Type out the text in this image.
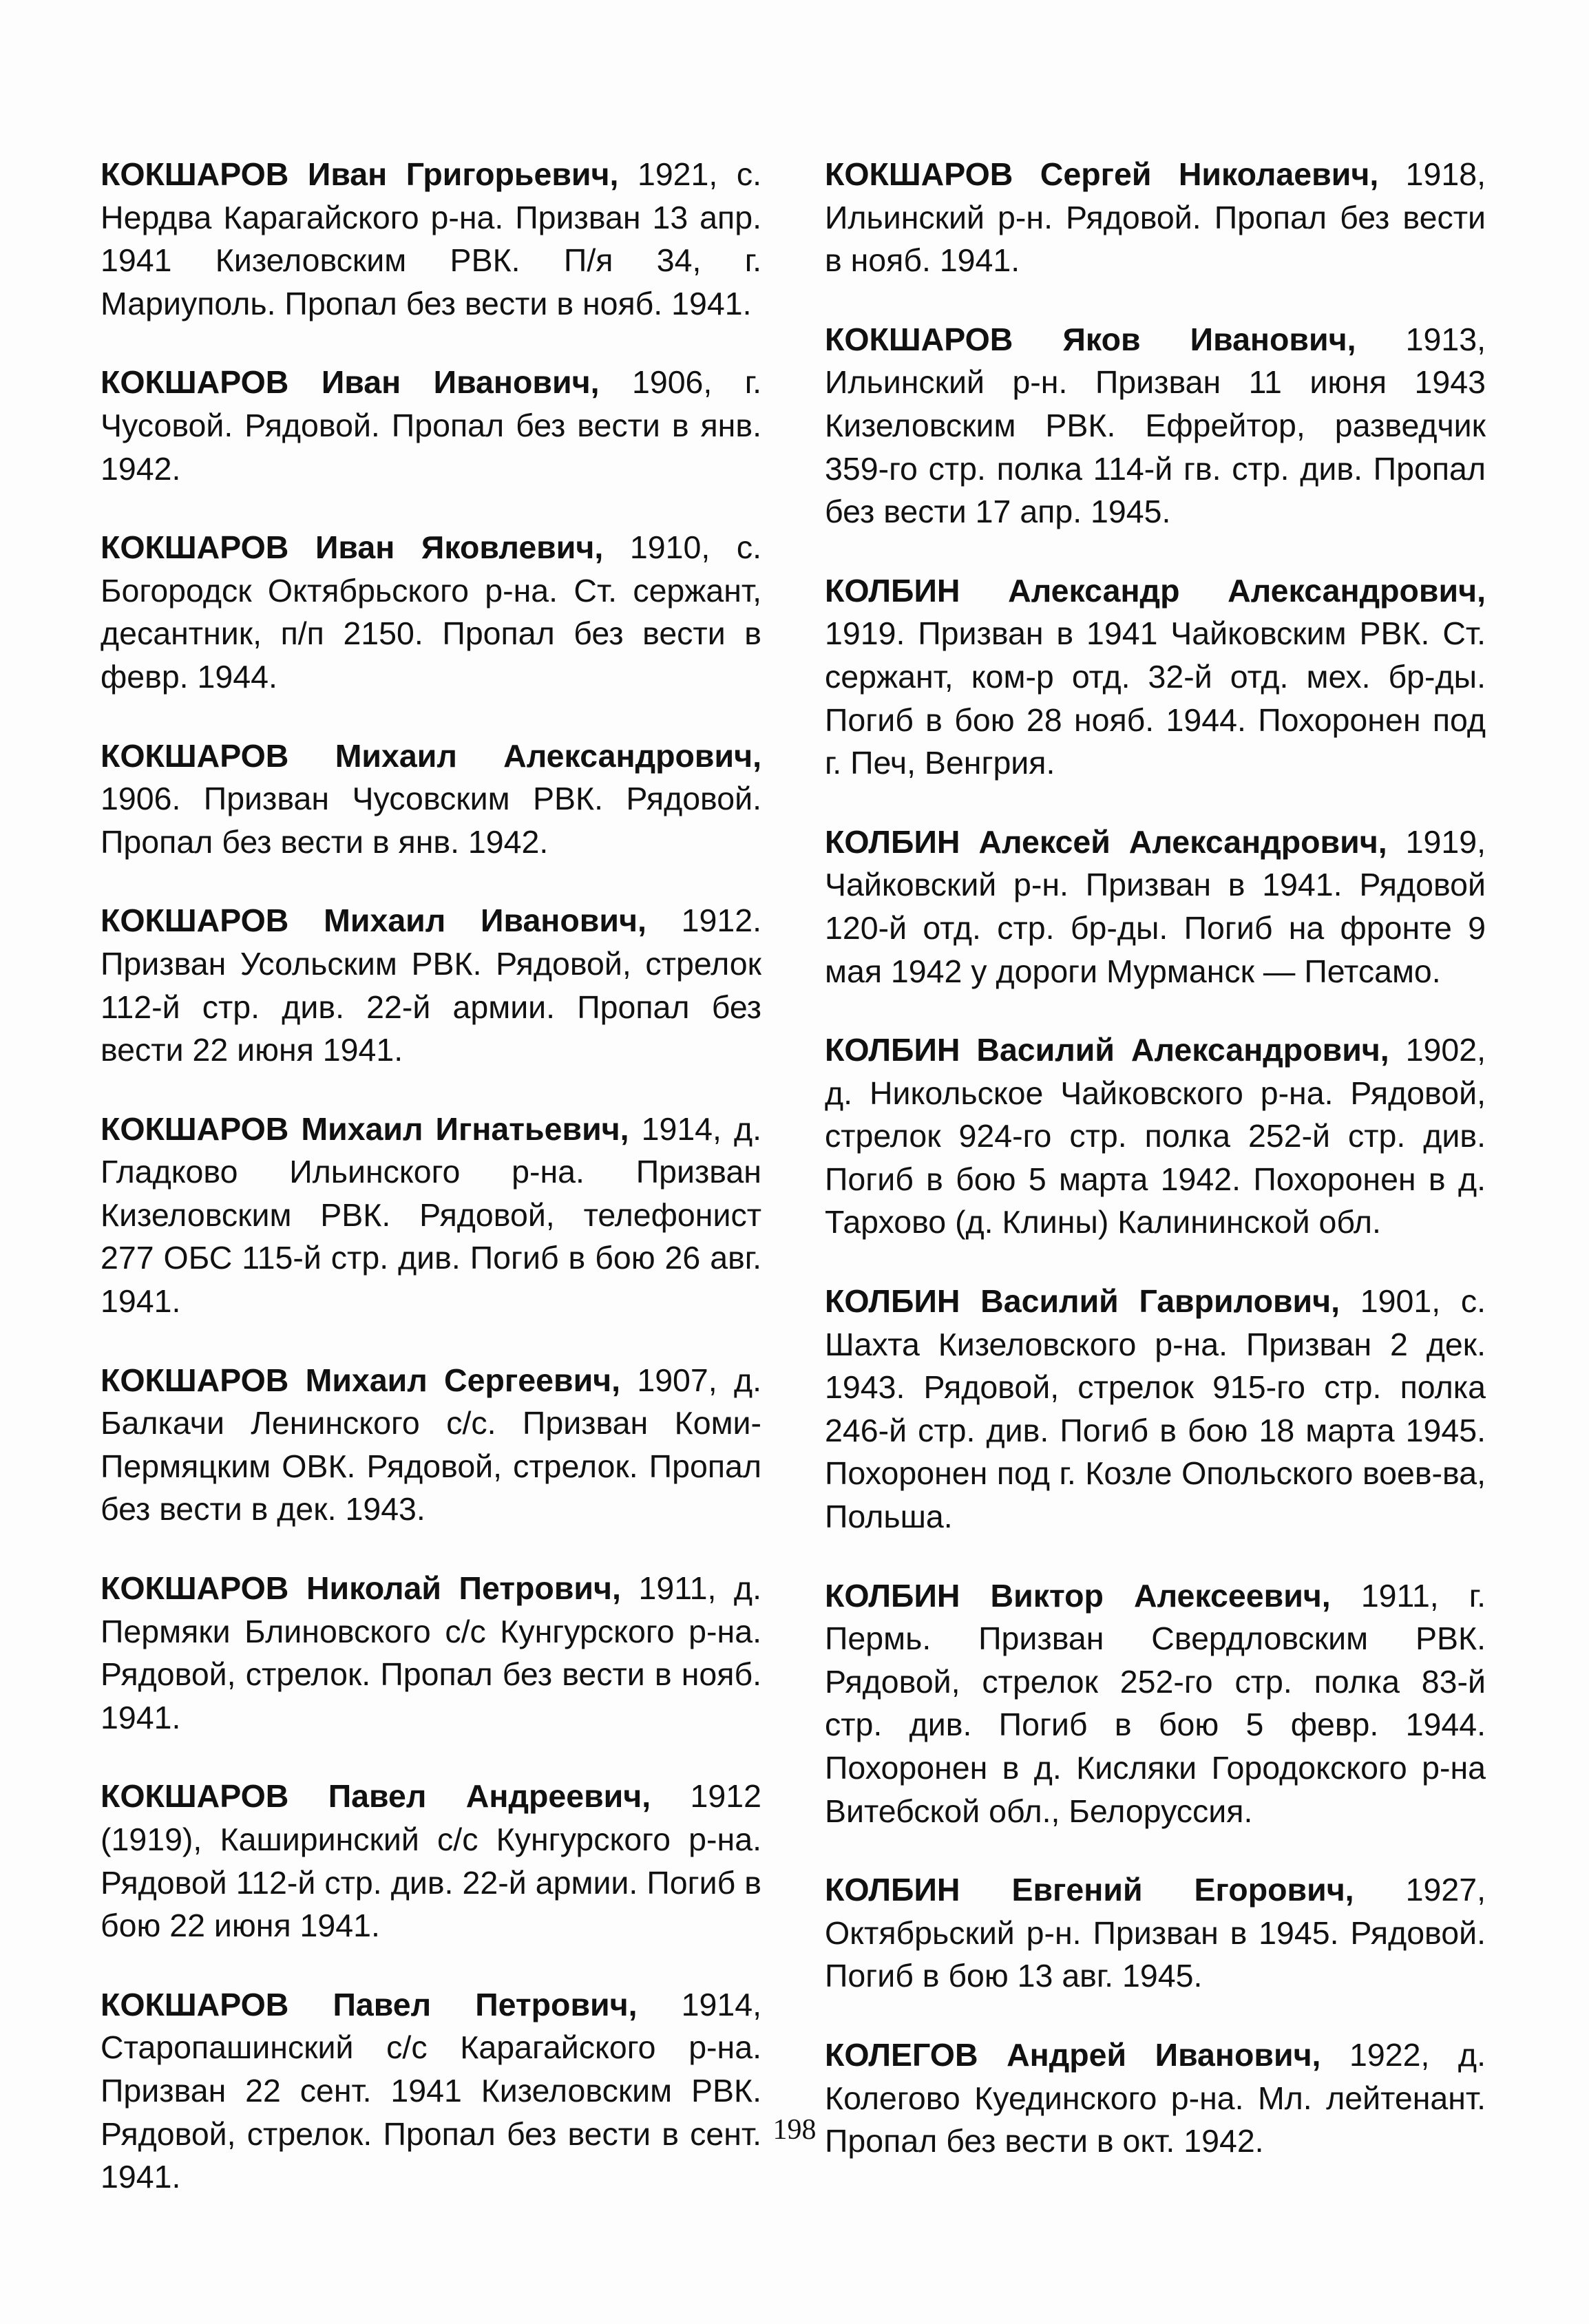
КОКШАРОВ Иван Григорьевич, 1921, с. Нердва Карагайского р-на. Призван 13 апр. 1941 Кизеловским РВК. П/я 34, г. Мариуполь. Пропал без вести в нояб. 1941.

КОКШАРОВ Иван Иванович, 1906, г. Чусовой. Рядовой. Пропал без вести в янв. 1942.

КОКШАРОВ Иван Яковлевич, 1910, с. Богородск Октябрьского р-на. Ст. сержант, десантник, п/п 2150. Пропал без вести в февр. 1944.

КОКШАРОВ Михаил Александрович, 1906. Призван Чусовским РВК. Рядовой. Пропал без вести в янв. 1942.

КОКШАРОВ Михаил Иванович, 1912. Призван Усольским РВК. Рядовой, стрелок 112-й стр. див. 22-й армии. Пропал без вести 22 июня 1941.

КОКШАРОВ Михаил Игнатьевич, 1914, д. Гладково Ильинского р-на. Призван Кизеловским РВК. Рядовой, телефонист 277 ОБС 115-й стр. див. Погиб в бою 26 авг. 1941.

КОКШАРОВ Михаил Сергеевич, 1907, д. Балкачи Ленинского с/с. Призван Коми-Пермяцким ОВК. Рядовой, стрелок. Пропал без вести в дек. 1943.

КОКШАРОВ Николай Петрович, 1911, д. Пермяки Блиновского с/с Кунгурского р-на. Рядовой, стрелок. Пропал без вести в нояб. 1941.

КОКШАРОВ Павел Андреевич, 1912 (1919), Каширинский с/с Кунгурского р-на. Рядовой 112-й стр. див. 22-й армии. Погиб в бою 22 июня 1941.

КОКШАРОВ Павел Петрович, 1914, Старопашинский с/с Карагайского р-на. Призван 22 сент. 1941 Кизеловским РВК. Рядовой, стрелок. Пропал без вести в сент. 1941.

КОКШАРОВ Сергей Николаевич, 1918, Ильинский р-н. Рядовой. Пропал без вести в нояб. 1941.

КОКШАРОВ Яков Иванович, 1913, Ильинский р-н. Призван 11 июня 1943 Кизеловским РВК. Ефрейтор, разведчик 359-го стр. полка 114-й гв. стр. див. Пропал без вести 17 апр. 1945.

КОЛБИН Александр Александрович, 1919. Призван в 1941 Чайковским РВК. Ст. сержант, ком-р отд. 32-й отд. мех. бр-ды. Погиб в бою 28 нояб. 1944. Похоронен под г. Печ, Венгрия.

КОЛБИН Алексей Александрович, 1919, Чайковский р-н. Призван в 1941. Рядовой 120-й отд. стр. бр-ды. Погиб на фронте 9 мая 1942 у дороги Мурманск — Петсамо.

КОЛБИН Василий Александрович, 1902, д. Никольское Чайковского р-на. Рядовой, стрелок 924-го стр. полка 252-й стр. див. Погиб в бою 5 марта 1942. Похоронен в д. Тархово (д. Клины) Калининской обл.

КОЛБИН Василий Гаврилович, 1901, с. Шахта Кизеловского р-на. Призван 2 дек. 1943. Рядовой, стрелок 915-го стр. полка 246-й стр. див. Погиб в бою 18 марта 1945. Похоронен под г. Козле Опольского воев-ва, Польша.

КОЛБИН Виктор Алексеевич, 1911, г. Пермь. Призван Свердловским РВК. Рядовой, стрелок 252-го стр. полка 83-й стр. див. Погиб в бою 5 февр. 1944. Похоронен в д. Кисляки Городокского р-на Витебской обл., Белоруссия.

КОЛБИН Евгений Егорович, 1927, Октябрьский р-н. Призван в 1945. Рядовой. Погиб в бою 13 авг. 1945.

КОЛЕГОВ Андрей Иванович, 1922, д. Колегово Куединского р-на. Мл. лейтенант. Пропал без вести в окт. 1942.

198
